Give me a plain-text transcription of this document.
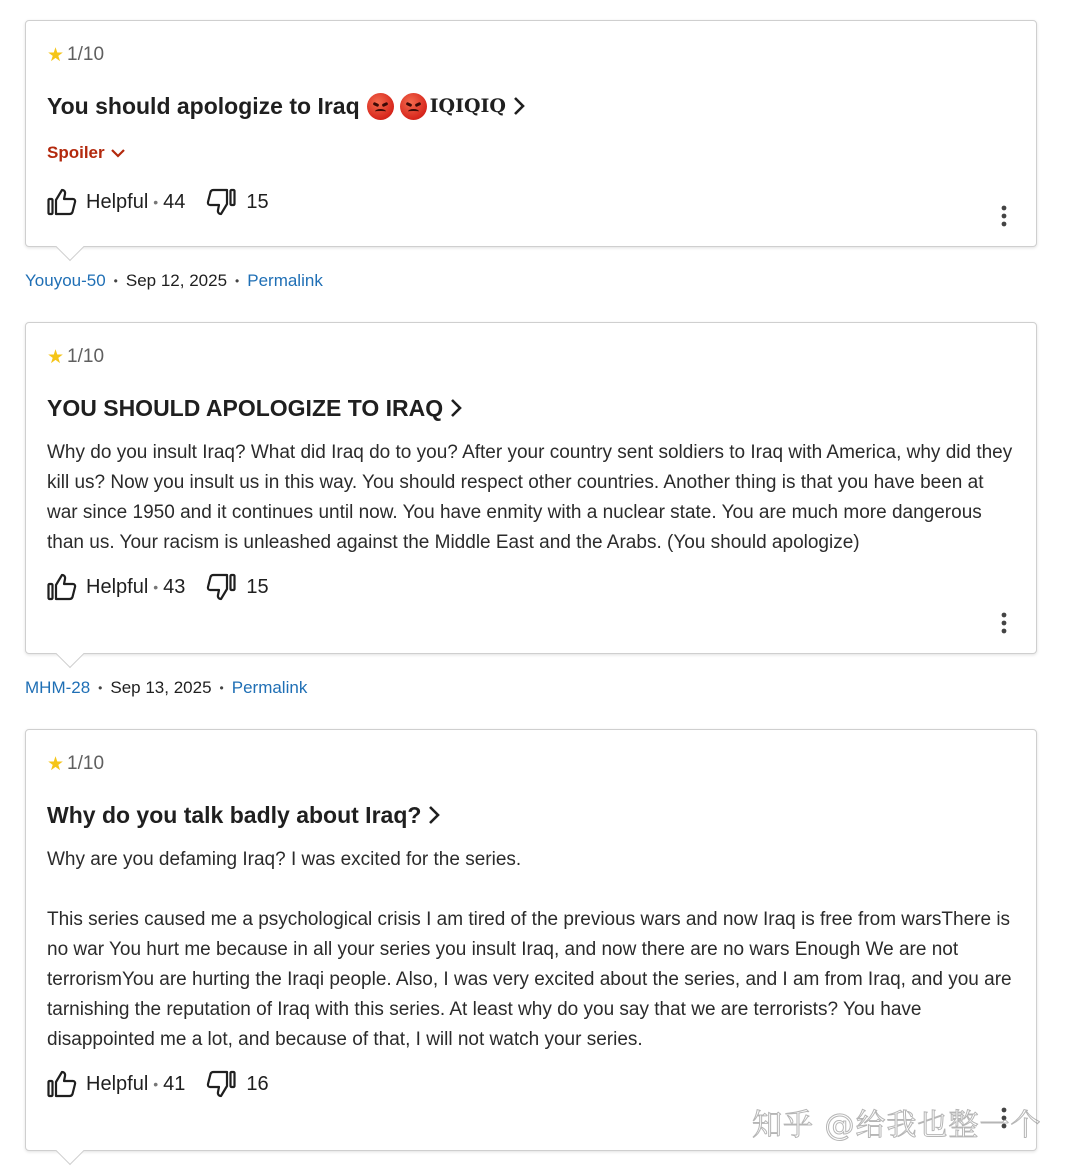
★ 1/10
You should apologize to Iraq	IQIQIQ
Spoiler
Helpful • 44	15
Youyou-50 • Sep 12, 2025 • Permalink
★ 1/10
YOU SHOULD APOLOGIZE TO IRAQ
Why do you insult Iraq? What did Iraq do to you? After your country sent soldiers to Iraq with America, why did they kill us? Now you insult us in this way. You should respect other countries. Another thing is that you have been at war since 1950 and it continues until now. You have enmity with a nuclear state. You are much more dangerous than us. Your racism is unleashed against the Middle East and the Arabs. (You should apologize)
Helpful • 43	15
MHM-28 • Sep 13, 2025 • Permalink
★ 1/10
Why do you talk badly about Iraq?
Why are you defaming Iraq? I was excited for the series.

This series caused me a psychological crisis I am tired of the previous wars and now Iraq is free from warsThere is no war You hurt me because in all your series you insult Iraq, and now there are no wars Enough We are not terrorismYou are hurting the Iraqi people. Also, I was very excited about the series, and I am from Iraq, and you are tarnishing the reputation of Iraq with this series. At least why do you say that we are terrorists? You have disappointed me a lot, and because of that, I will not watch your series.
Helpful • 41	16
知乎 @给我也整一个
